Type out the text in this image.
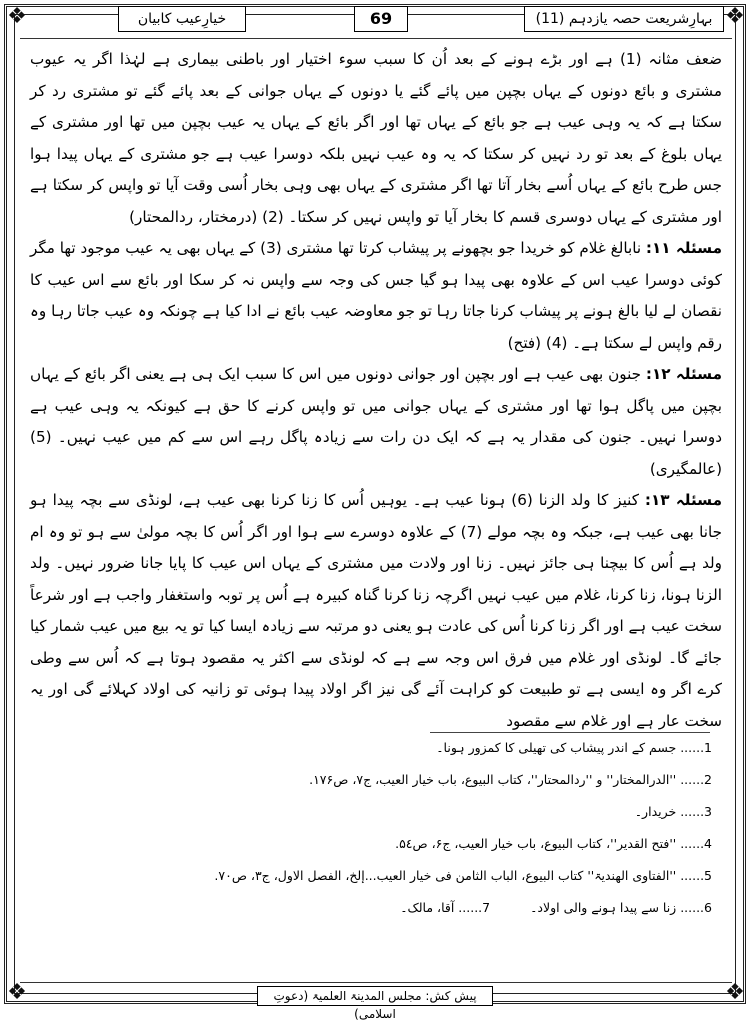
❖	❖
❖	❖
بہارِشریعت حصہ یازدہم (11)
69
خیارِعیب کابیان

ضعف مثانہ (1) ہے اور بڑے ہونے کے بعد اُن کا سبب سوء اختیار اور باطنی بیماری ہے لہٰذا اگر یہ عیوب مشتری و بائع دونوں کے یہاں بچپن میں پائے گئے یا دونوں کے یہاں جوانی کے بعد پائے گئے تو مشتری رد کر سکتا ہے کہ یہ وہی عیب ہے جو بائع کے یہاں تھا اور اگر بائع کے یہاں یہ عیب بچپن میں تھا اور مشتری کے یہاں بلوغ کے بعد تو رد نہیں کر سکتا کہ یہ وہ عیب نہیں بلکہ دوسرا عیب ہے جو مشتری کے یہاں پیدا ہوا جس طرح بائع کے یہاں اُسے بخار آتا تھا اگر مشتری کے یہاں بھی وہی بخار اُسی وقت آیا تو واپس کر سکتا ہے اور مشتری کے یہاں دوسری قسم کا بخار آیا تو واپس نہیں کر سکتا۔ (2) (درمختار، ردالمحتار)

مسئلہ ۱۱: نابالغ غلام کو خریدا جو بچھونے پر پیشاب کرتا تھا مشتری (3) کے یہاں بھی یہ عیب موجود تھا مگر کوئی دوسرا عیب اس کے علاوہ بھی پیدا ہو گیا جس کی وجہ سے واپس نہ کر سکا اور بائع سے اس عیب کا نقصان لے لیا بالغ ہونے پر پیشاب کرنا جاتا رہا تو جو معاوضہ عیب بائع نے ادا کیا ہے چونکہ وہ عیب جاتا رہا وہ رقم واپس لے سکتا ہے۔ (4) (فتح)

مسئلہ ۱۲: جنون بھی عیب ہے اور بچپن اور جوانی دونوں میں اس کا سبب ایک ہی ہے یعنی اگر بائع کے یہاں بچپن میں پاگل ہوا تھا اور مشتری کے یہاں جوانی میں تو واپس کرنے کا حق ہے کیونکہ یہ وہی عیب ہے دوسرا نہیں۔ جنون کی مقدار یہ ہے کہ ایک دن رات سے زیادہ پاگل رہے اس سے کم میں عیب نہیں۔ (5) (عالمگیری)

مسئلہ ۱۳: کنیز کا ولد الزنا (6) ہونا عیب ہے۔ یوہیں اُس کا زنا کرنا بھی عیب ہے، لونڈی سے بچہ پیدا ہو جانا بھی عیب ہے، جبکہ وہ بچہ مولے (7) کے علاوہ دوسرے سے ہوا اور اگر اُس کا بچہ مولیٰ سے ہو تو وہ ام ولد ہے اُس کا بیچنا ہی جائز نہیں۔ زنا اور ولادت میں مشتری کے یہاں اس عیب کا پایا جانا ضرور نہیں۔ ولد الزنا ہونا، زنا کرنا، غلام میں عیب نہیں اگرچہ زنا کرنا گناہ کبیرہ ہے اُس پر توبہ واستغفار واجب ہے اور شرعاً سخت عیب ہے اور اگر زنا کرنا اُس کی عادت ہو یعنی دو مرتبہ سے زیادہ ایسا کیا تو یہ بیع میں عیب شمار کیا جائے گا۔ لونڈی اور غلام میں فرق اس وجہ سے ہے کہ لونڈی سے اکثر یہ مقصود ہوتا ہے کہ اُس سے وطی کرے اگر وہ ایسی ہے تو طبیعت کو کراہت آئے گی نیز اگر اولاد پیدا ہوئی تو زانیہ کی اولاد کہلائے گی اور یہ سخت عار ہے اور غلام سے مقصود

1...... جسم کے اندر پیشاب کی تھیلی کا کمزور ہونا۔
2...... ''الدرالمختار'' و ''ردالمحتار''، کتاب البیوع، باب خیار العیب، ج۷، ص۱۷۶.
3...... خریدار۔
4...... ''فتح القدیر''، کتاب البیوع، باب خیار العیب، ج۶، ص۵٤.
5...... ''الفتاوی الھندیۃ'' کتاب البیوع، الباب الثامن فی خیار العیب...إلخ، الفصل الاول، ج۳، ص۷۰.
6...... زنا سے پیدا ہونے والی اولاد۔
7...... آقا، مالک۔
پیش کش: مجلس المدینۃ العلمیۃ (دعوتِ اسلامی)
